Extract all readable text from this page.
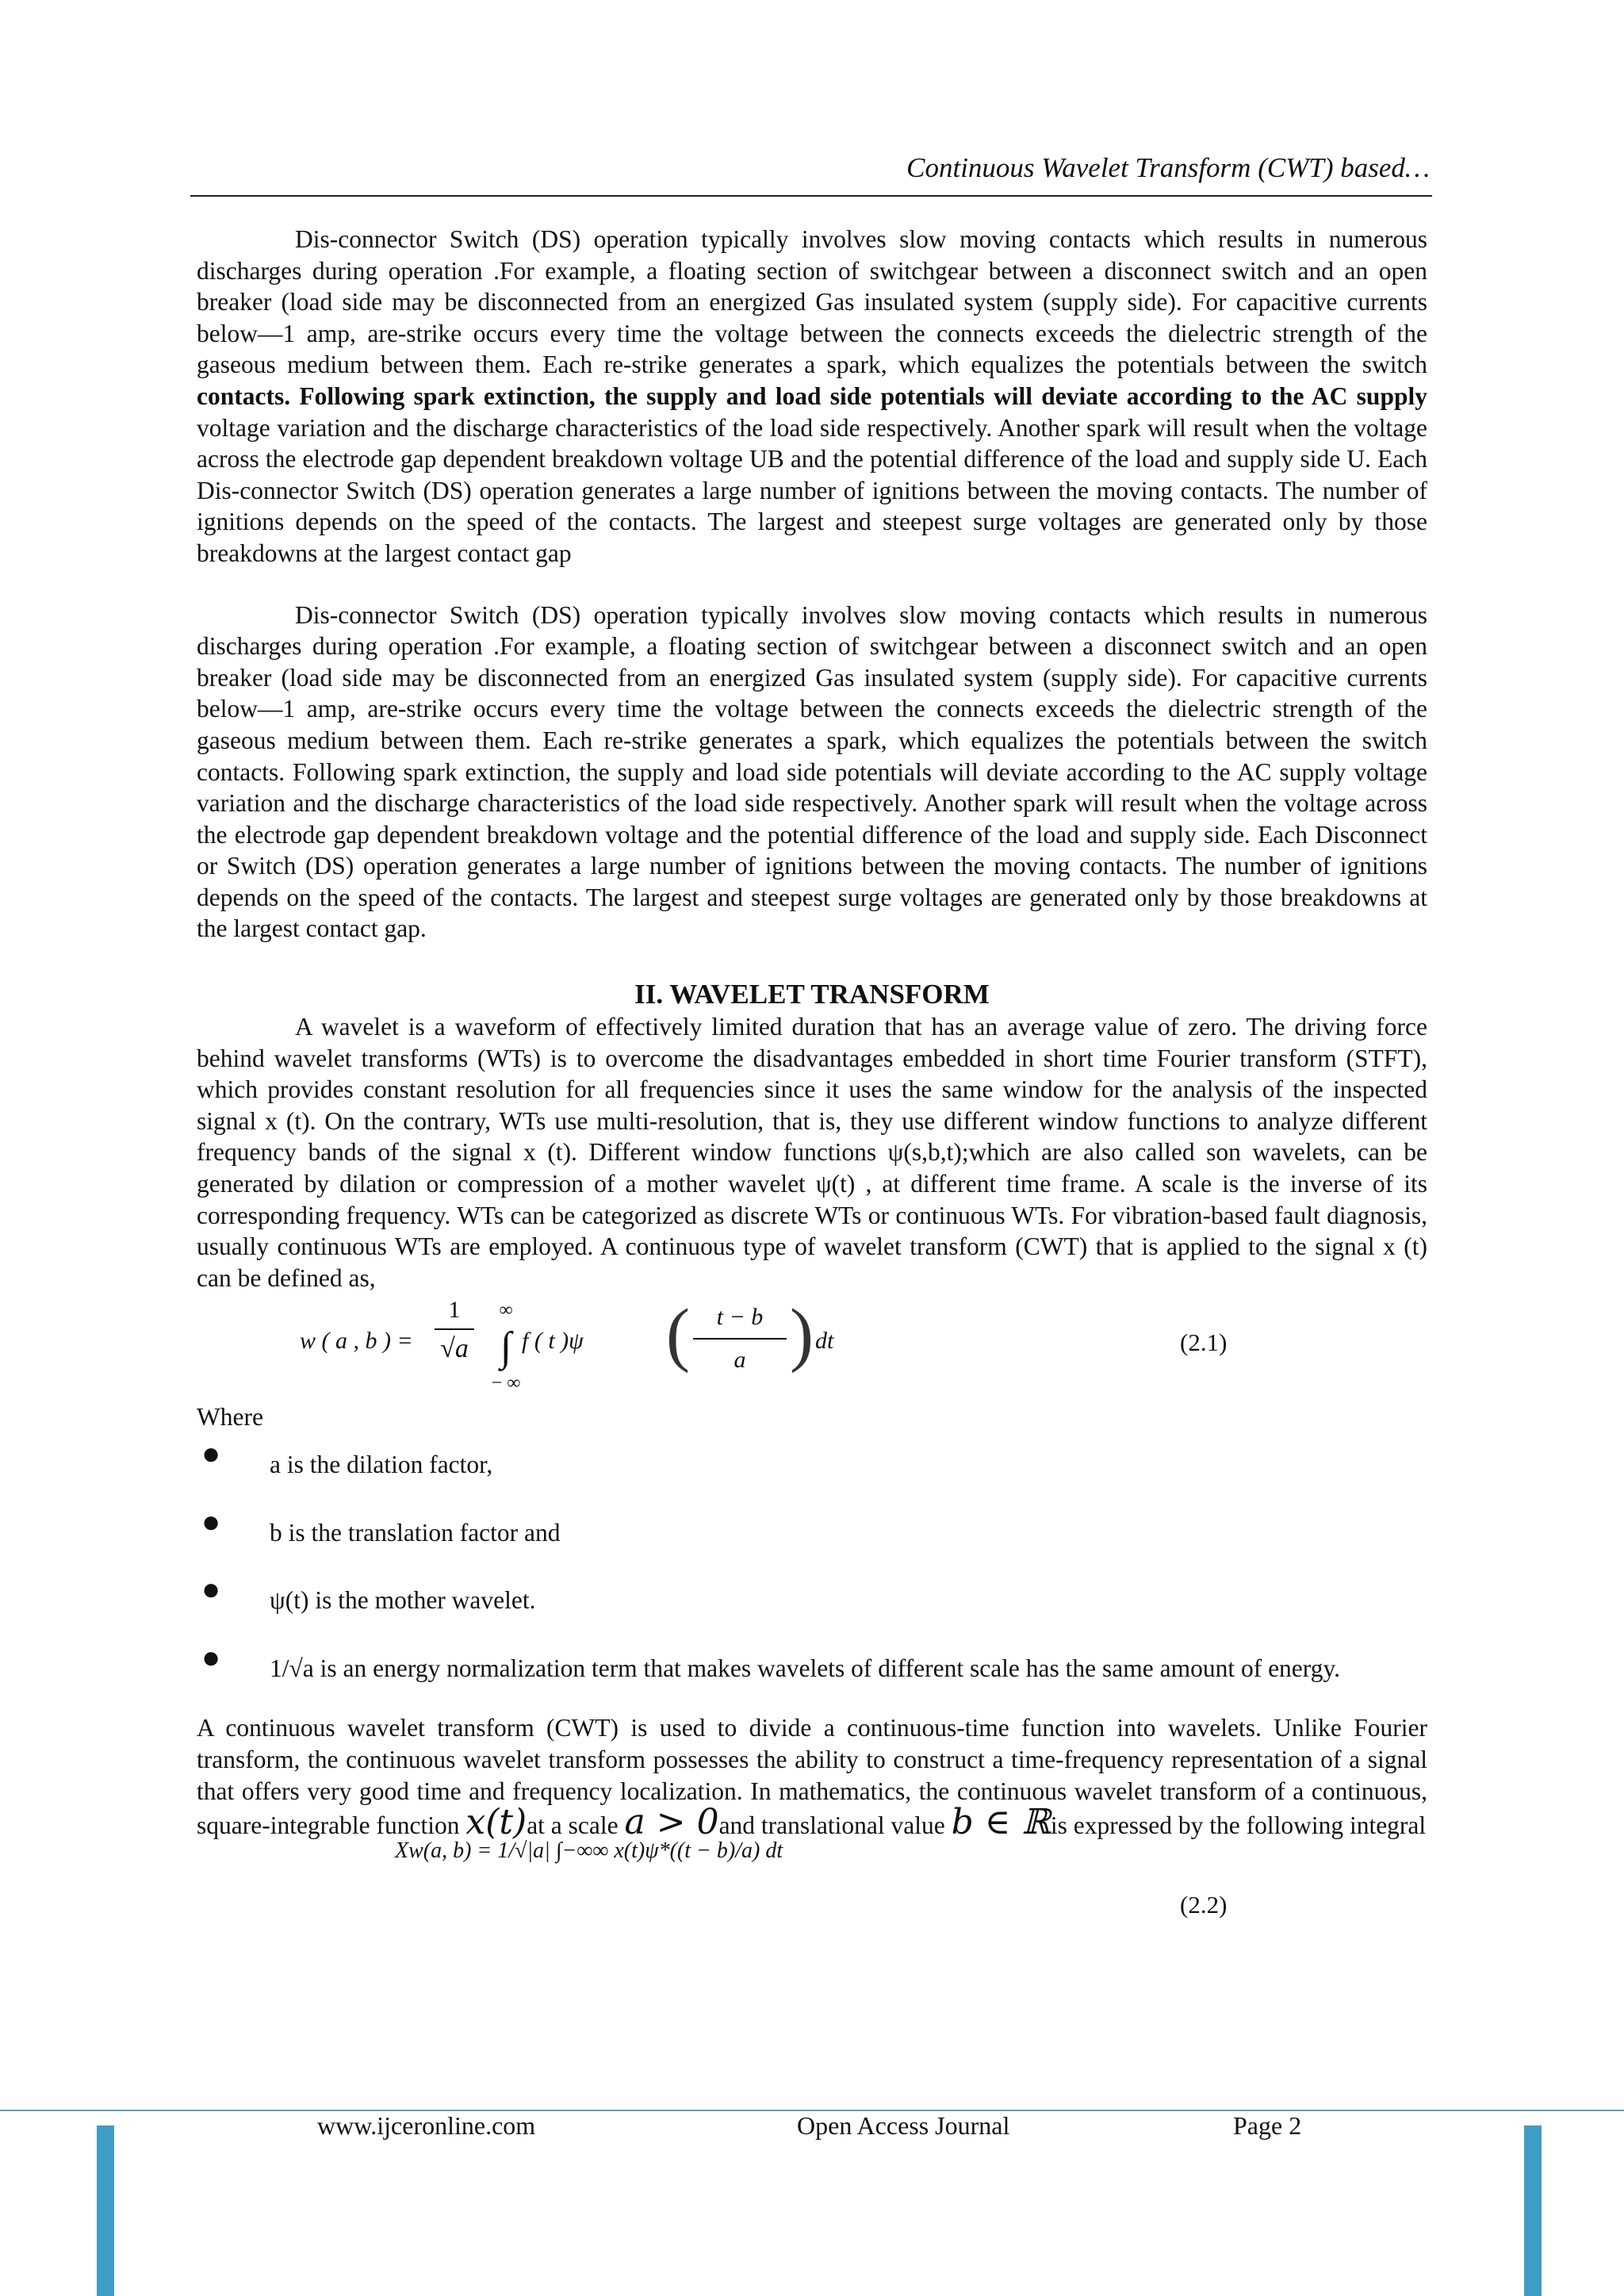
Continuous Wavelet Transform (CWT) based…

Dis-connector Switch (DS) operation typically involves slow moving contacts which results in numerous discharges during operation .For example, a floating section of switchgear between a disconnect switch and an open breaker (load side may be disconnected from an energized Gas insulated system (supply side). For capacitive currents below—1 amp, are-strike occurs every time the voltage between the connects exceeds the dielectric strength of the gaseous medium between them. Each re-strike generates a spark, which equalizes the potentials between the switch contacts. Following spark extinction, the supply and load side potentials will deviate according to the AC supply voltage variation and the discharge characteristics of the load side respectively. Another spark will result when the voltage across the electrode gap dependent breakdown voltage UB and the potential difference of the load and supply side U. Each Dis-connector Switch (DS) operation generates a large number of ignitions between the moving contacts. The number of ignitions depends on the speed of the contacts. The largest and steepest surge voltages are generated only by those breakdowns at the largest contact gap

Dis-connector Switch (DS) operation typically involves slow moving contacts which results in numerous discharges during operation .For example, a floating section of switchgear between a disconnect switch and an open breaker (load side may be disconnected from an energized Gas insulated system (supply side). For capacitive currents below—1 amp, are-strike occurs every time the voltage between the connects exceeds the dielectric strength of the gaseous medium between them. Each re-strike generates a spark, which equalizes the potentials between the switch contacts. Following spark extinction, the supply and load side potentials will deviate according to the AC supply voltage variation and the discharge characteristics of the load side respectively. Another spark will result when the voltage across the electrode gap dependent breakdown voltage and the potential difference of the load and supply side. Each Disconnect or Switch (DS) operation generates a large number of ignitions between the moving contacts. The number of ignitions depends on the speed of the contacts. The largest and steepest surge voltages are generated only by those breakdowns at the largest contact gap.

II. WAVELET TRANSFORM

A wavelet is a waveform of effectively limited duration that has an average value of zero. The driving force behind wavelet transforms (WTs) is to overcome the disadvantages embedded in short time Fourier transform (STFT), which provides constant resolution for all frequencies since it uses the same window for the analysis of the inspected signal x (t). On the contrary, WTs use multi-resolution, that is, they use different window functions to analyze different frequency bands of the signal x (t). Different window functions ψ(s,b,t);which are also called son wavelets, can be generated by dilation or compression of a mother wavelet ψ(t) , at different time frame. A scale is the inverse of its corresponding frequency. WTs can be categorized as discrete WTs or continuous WTs. For vibration-based fault diagnosis, usually continuous WTs are employed. A continuous type of wavelet transform (CWT) that is applied to the signal x (t) can be defined as,

w ( a , b ) =
1
√a
∞
∫
− ∞
f ( t )ψ (	t − b
a ) dt	(2.1)
Where
● a is the dilation factor,
● b is the translation factor and
● ψ(t) is the mother wavelet.
● 1/√a is an energy normalization term that makes wavelets of different scale has the same amount of energy.

A continuous wavelet transform (CWT) is used to divide a continuous-time function into wavelets. Unlike Fourier transform, the continuous wavelet transform possesses the ability to construct a time-frequency representation of a signal that offers very good time and frequency localization. In mathematics, the continuous wavelet transform of a continuous, square-integrable function x(t)at a scale a > 0and translational value b ∈ ℝis expressed by the following integral

Xw(a, b) = 1/√|a| ∫−∞∞ x(t)ψ*((t − b)/a) dt
(2.2)
www.ijceronline.com	Open Access Journal	Page 2
